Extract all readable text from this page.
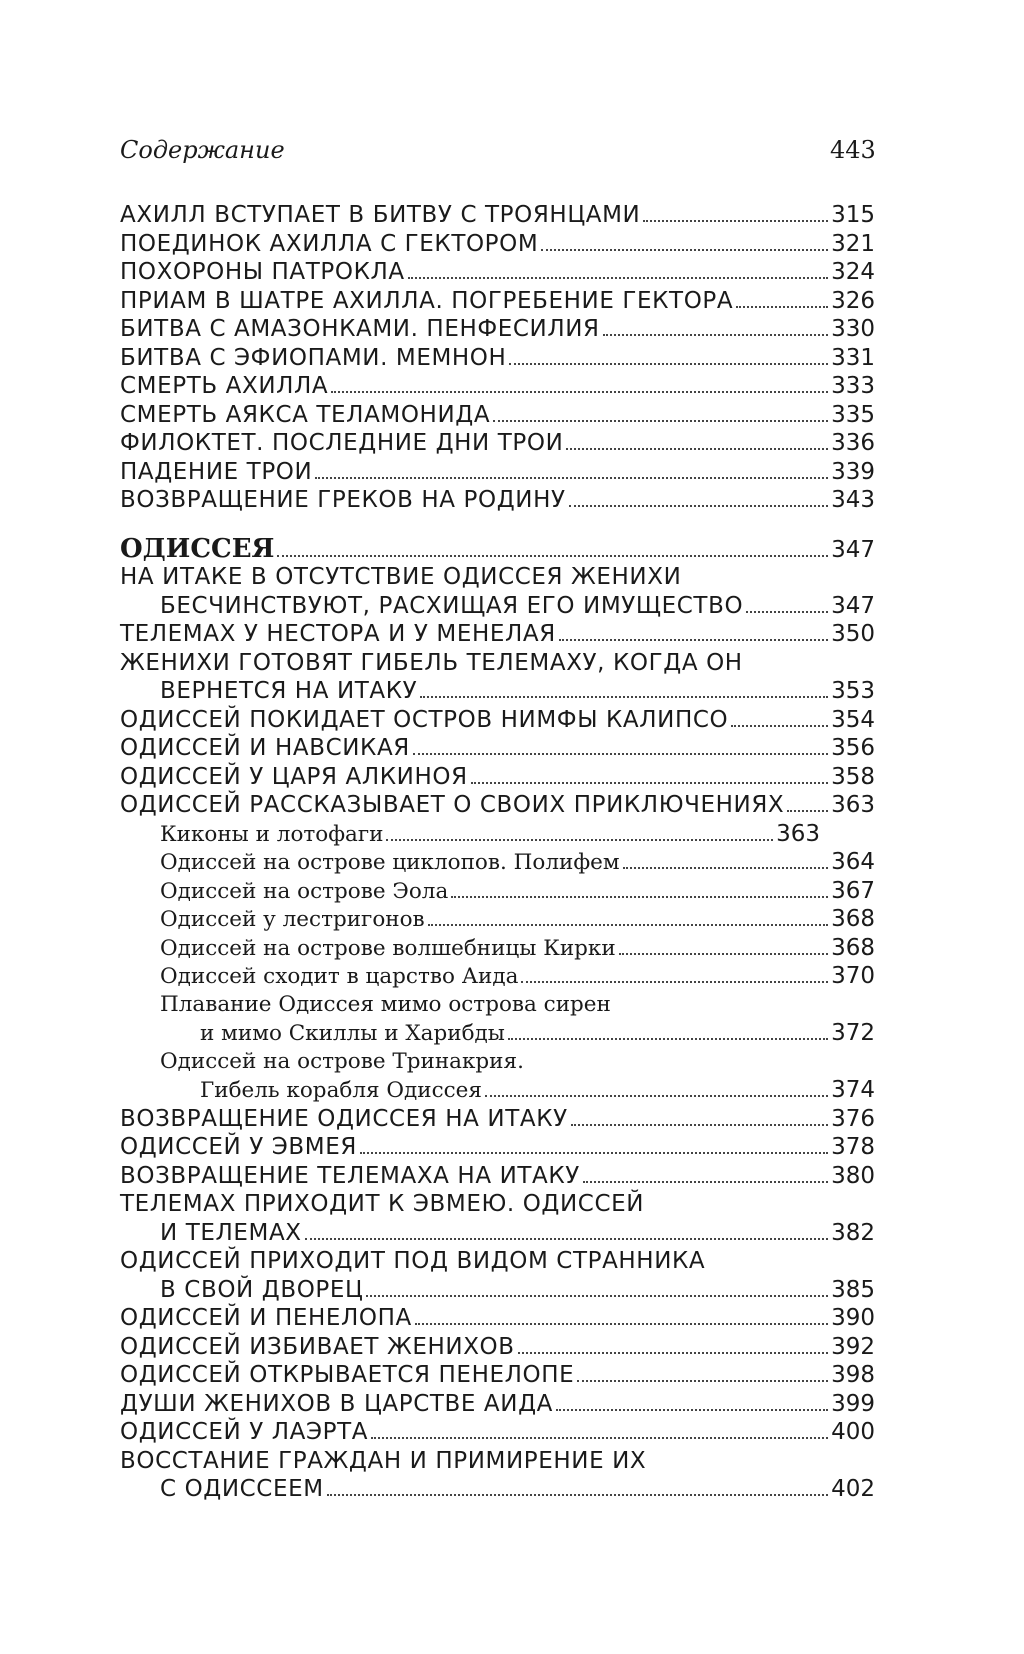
Содержание	443
АХИЛЛ ВСТУПАЕТ В БИТВУ С ТРОЯНЦАМИ	315
ПОЕДИНОК АХИЛЛА С ГЕКТОРОМ	321
ПОХОРОНЫ ПАТРОКЛА	324
ПРИАМ В ШАТРЕ АХИЛЛА. ПОГРЕБЕНИЕ ГЕКТОРА	326
БИТВА С АМАЗОНКАМИ. ПЕНФЕСИЛИЯ	330
БИТВА С ЭФИОПАМИ. МЕМНОН	331
СМЕРТЬ АХИЛЛА	333
СМЕРТЬ АЯКСА ТЕЛАМОНИДА	335
ФИЛОКТЕТ. ПОСЛЕДНИЕ ДНИ ТРОИ	336
ПАДЕНИЕ ТРОИ	339
ВОЗВРАЩЕНИЕ ГРЕКОВ НА РОДИНУ	343
ОДИССЕЯ	347
НА ИТАКЕ В ОТСУТСТВИЕ ОДИССЕЯ ЖЕНИХИ
БЕСЧИНСТВУЮТ, РАСХИЩАЯ ЕГО ИМУЩЕСТВО	347
ТЕЛЕМАХ У НЕСТОРА И У МЕНЕЛАЯ	350
ЖЕНИХИ ГОТОВЯТ ГИБЕЛЬ ТЕЛЕМАХУ, КОГДА ОН
ВЕРНЕТСЯ НА ИТАКУ	353
ОДИССЕЙ ПОКИДАЕТ ОСТРОВ НИМФЫ КАЛИПСО	354
ОДИССЕЙ И НАВСИКАЯ	356
ОДИССЕЙ У ЦАРЯ АЛКИНОЯ	358
ОДИССЕЙ РАССКАЗЫВАЕТ О СВОИХ ПРИКЛЮЧЕНИЯХ 363
Киконы и лотофаги	363
Одиссей на острове циклопов. Полифем	364
Одиссей на острове Эола	367
Одиссей у лестригонов	368
Одиссей на острове волшебницы Кирки	368
Одиссей сходит в царство Аида	370
Плавание Одиссея мимо острова сирен
и мимо Скиллы и Харибды	372
Одиссей на острове Тринакрия.
Гибель корабля Одиссея	374
ВОЗВРАЩЕНИЕ ОДИССЕЯ НА ИТАКУ	376
ОДИССЕЙ У ЭВМЕЯ	378
ВОЗВРАЩЕНИЕ ТЕЛЕМАХА НА ИТАКУ	380
ТЕЛЕМАХ ПРИХОДИТ К ЭВМЕЮ. ОДИССЕЙ
И ТЕЛЕМАХ	382
ОДИССЕЙ ПРИХОДИТ ПОД ВИДОМ СТРАННИКА
В СВОЙ ДВОРЕЦ	385
ОДИССЕЙ И ПЕНЕЛОПА	390
ОДИССЕЙ ИЗБИВАЕТ ЖЕНИХОВ	392
ОДИССЕЙ ОТКРЫВАЕТСЯ ПЕНЕЛОПЕ	398
ДУШИ ЖЕНИХОВ В ЦАРСТВЕ АИДА	399
ОДИССЕЙ У ЛАЭРТА	400
ВОССТАНИЕ ГРАЖДАН И ПРИМИРЕНИЕ ИХ
С ОДИССЕЕМ	402
